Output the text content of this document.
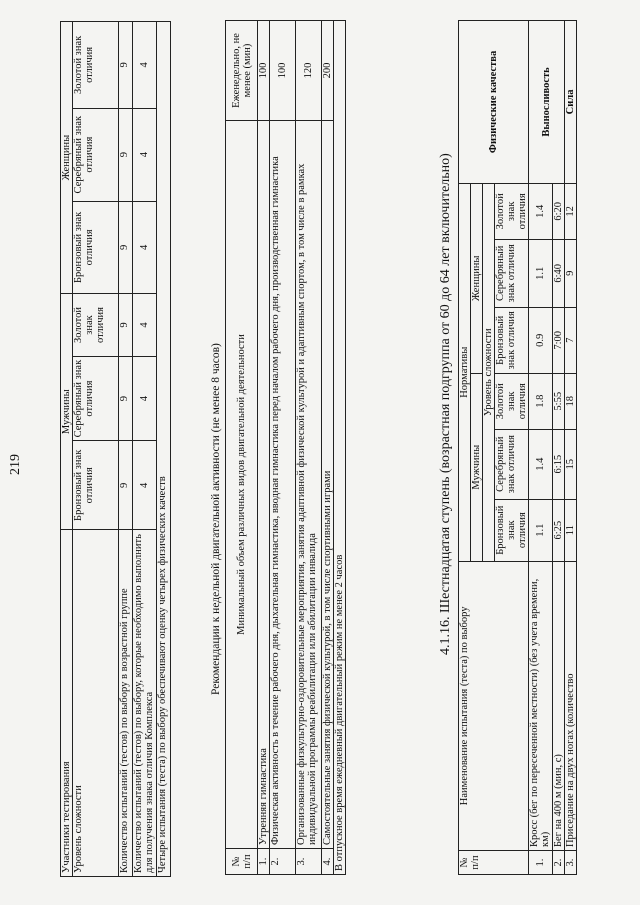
219
Участники тестирования	Мужчины			Женщины		
Уровень сложности	Бронзовый знак отличия	Серебряный знак отличия	Золотой знак отличия	Бронзовый знак отличия	Серебряный знак отличия	Золотой знак отличия
Количество испытаний (тестов) по выбору в возрастной группе	9	9	9	9	9	9
Количество испытаний (тестов) по выбору, которые необходимо выполнить для получения знака отличия Комплекса	4	4	4	4	4	4
Четыре испытания (теста) по выбору обеспечивают оценку четырех физических качеств							Рекомендации к недельной двигательной активности (не менее 8 часов)
№ п/п	Минимальный объем различных видов двигательной деятельности	Еженедельно, не менее (мин)
1.	Утренняя гимнастика	100
2.	Физическая активность в течение рабочего дня, дыхательная гимнастика, вводная гимнастика перед началом рабочего дня, производственная гимнастика	100
3.	Организованные физкультурно-оздоровительные мероприятия, занятия адаптивной физической культурой и адаптивным спортом, в том числе в рамках индивидуальной программы реабилитации или абилитации инвалида	120
4.	Самостоятельные занятия физической культурой, в том числе спортивными играми	200
В отпускное время ежедневный двигательный режим не менее 2 часов		
4.1.16. Шестнадцатая ступень (возрастная подгруппа от 60 до 64 лет включительно)
№ п/п	Наименование испытания (теста) по выбору	Нормативы						Физические качества
		Мужчины			Женщины			
		Уровень сложности						
		Бронзовый знак отличия	Серебряный знак отличия	Золотой знак отличия	Бронзовый знак отличия	Серебряный знак отличия	Золотой знак отличия	
1.	Кросс (бег по пересеченной местности) (без учета времени, км)	1.1	1.4	1.8	0.9	1.1	1.4	Выносливость
2.	Бег на 400 м (мин, с)	6:25	6:15	5:55	7:00	6:40	6:20	
3.	Приседание на двух ногах (количество	11	15	18	7	9	12	Сила
